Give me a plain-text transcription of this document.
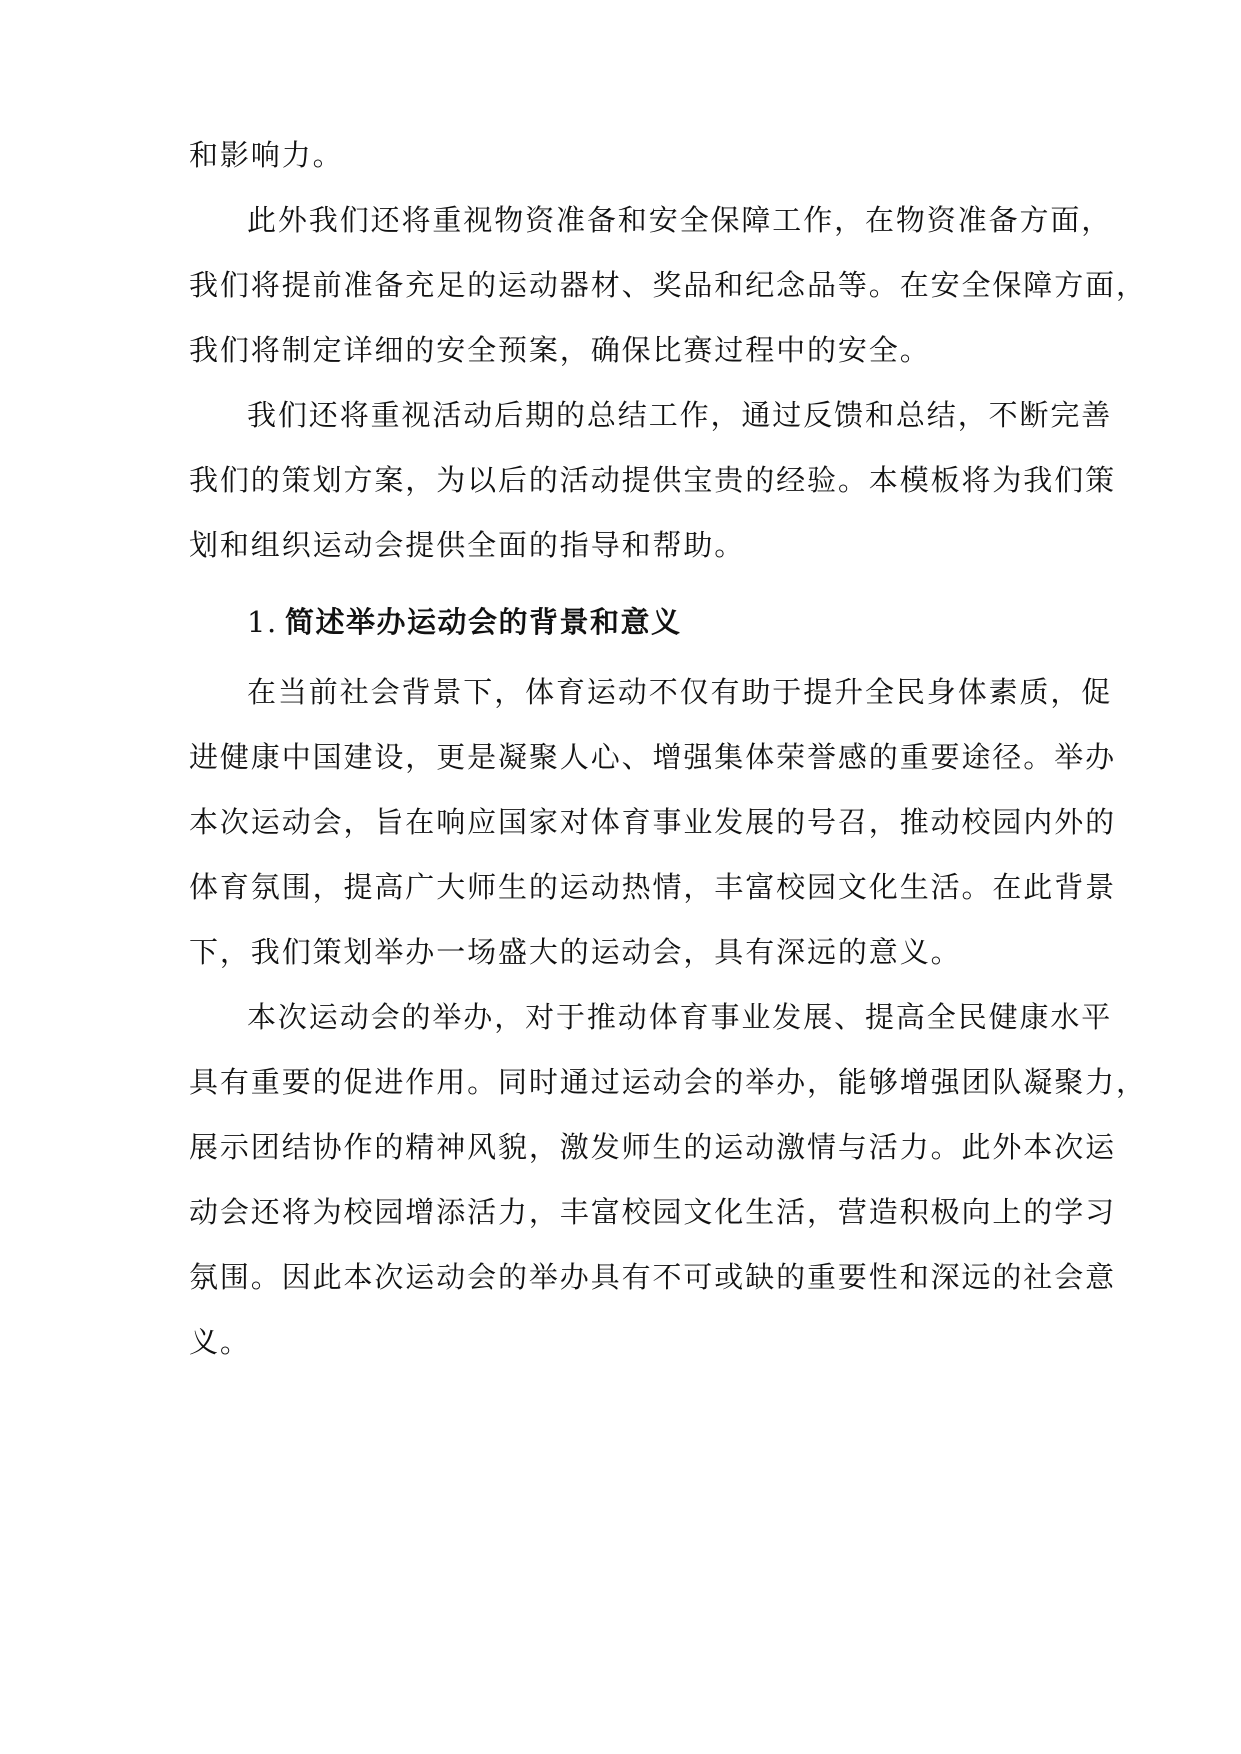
和影响力。

此外我们还将重视物资准备和安全保障工作，在物资准备方面，

我们将提前准备充足的运动器材、奖品和纪念品等。在安全保障方面，

我们将制定详细的安全预案，确保比赛过程中的安全。

我们还将重视活动后期的总结工作，通过反馈和总结，不断完善

我们的策划方案，为以后的活动提供宝贵的经验。本模板将为我们策

划和组织运动会提供全面的指导和帮助。

1. 简述举办运动会的背景和意义

在当前社会背景下，体育运动不仅有助于提升全民身体素质，促

进健康中国建设，更是凝聚人心、增强集体荣誉感的重要途径。举办

本次运动会，旨在响应国家对体育事业发展的号召，推动校园内外的

体育氛围，提高广大师生的运动热情，丰富校园文化生活。在此背景

下，我们策划举办一场盛大的运动会，具有深远的意义。

本次运动会的举办，对于推动体育事业发展、提高全民健康水平

具有重要的促进作用。同时通过运动会的举办，能够增强团队凝聚力，

展示团结协作的精神风貌，激发师生的运动激情与活力。此外本次运

动会还将为校园增添活力，丰富校园文化生活，营造积极向上的学习

氛围。因此本次运动会的举办具有不可或缺的重要性和深远的社会意

义。
